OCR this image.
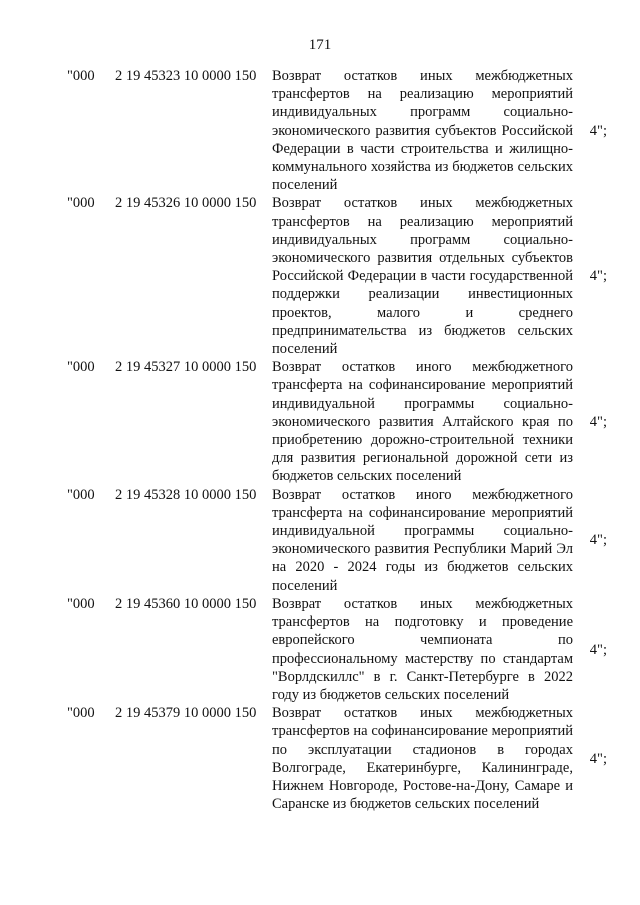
171
"000 2 19 45323 10 0000 150 Возврат остатков иных межбюджетных трансфертов на реализацию мероприятий индивидуальных программ социально-экономического развития субъектов Российской Федерации в части строительства и жилищно-коммунального хозяйства из бюджетов сельских поселений
4";
"000 2 19 45326 10 0000 150 Возврат остатков иных межбюджетных трансфертов на реализацию мероприятий индивидуальных программ социально-экономического развития отдельных субъектов Российской Федерации в части государственной поддержки реализации инвестиционных проектов, малого и среднего предпринимательства из бюджетов сельских поселений
4";
"000 2 19 45327 10 0000 150 Возврат остатков иного межбюджетного трансферта на софинансирование мероприятий индивидуальной программы социально-экономического развития Алтайского края по приобретению дорожно-строительной техники для развития региональной дорожной сети из бюджетов сельских поселений
4";
"000 2 19 45328 10 0000 150 Возврат остатков иного межбюджетного трансферта на софинансирование мероприятий индивидуальной программы социально-экономического развития Республики Марий Эл на 2020 - 2024 годы из бюджетов сельских поселений
4";
"000 2 19 45360 10 0000 150 Возврат остатков иных межбюджетных трансфертов на подготовку и проведение европейского чемпионата по профессиональному мастерству по стандартам "Ворлдскиллс" в г. Санкт-Петербурге в 2022 году из бюджетов сельских поселений
4";
"000 2 19 45379 10 0000 150 Возврат остатков иных межбюджетных трансфертов на софинансирование мероприятий по эксплуатации стадионов в городах Волгограде, Екатеринбурге, Калининграде, Нижнем Новгороде, Ростове-на-Дону, Самаре и Саранске из бюджетов сельских поселений
4";
